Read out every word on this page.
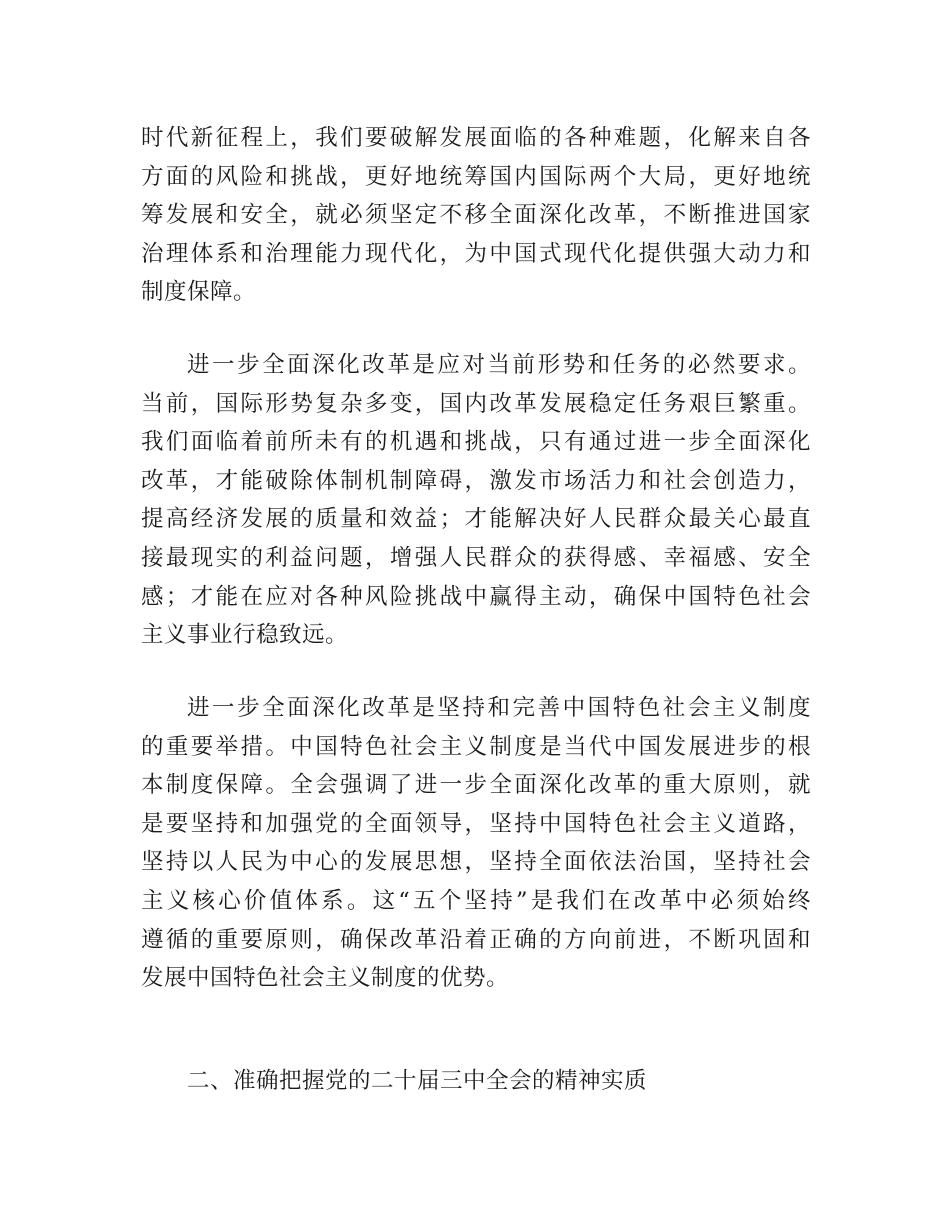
时代新征程上，我们要破解发展面临的各种难题，化解来自各
方面的风险和挑战，更好地统筹国内国际两个大局，更好地统
筹发展和安全，就必须坚定不移全面深化改革，不断推进国家
治理体系和治理能力现代化，为中国式现代化提供强大动力和
制度保障。
进一步全面深化改革是应对当前形势和任务的必然要求。
当前，国际形势复杂多变，国内改革发展稳定任务艰巨繁重。
我们面临着前所未有的机遇和挑战，只有通过进一步全面深化
改革，才能破除体制机制障碍，激发市场活力和社会创造力，
提高经济发展的质量和效益；才能解决好人民群众最关心最直
接最现实的利益问题，增强人民群众的获得感、幸福感、安全
感；才能在应对各种风险挑战中赢得主动，确保中国特色社会
主义事业行稳致远。
进一步全面深化改革是坚持和完善中国特色社会主义制度
的重要举措。中国特色社会主义制度是当代中国发展进步的根
本制度保障。全会强调了进一步全面深化改革的重大原则，就
是要坚持和加强党的全面领导，坚持中国特色社会主义道路，
坚持以人民为中心的发展思想，坚持全面依法治国，坚持社会
主义核心价值体系。这“五个坚持”是我们在改革中必须始终
遵循的重要原则，确保改革沿着正确的方向前进，不断巩固和
发展中国特色社会主义制度的优势。
二、准确把握党的二十届三中全会的精神实质
